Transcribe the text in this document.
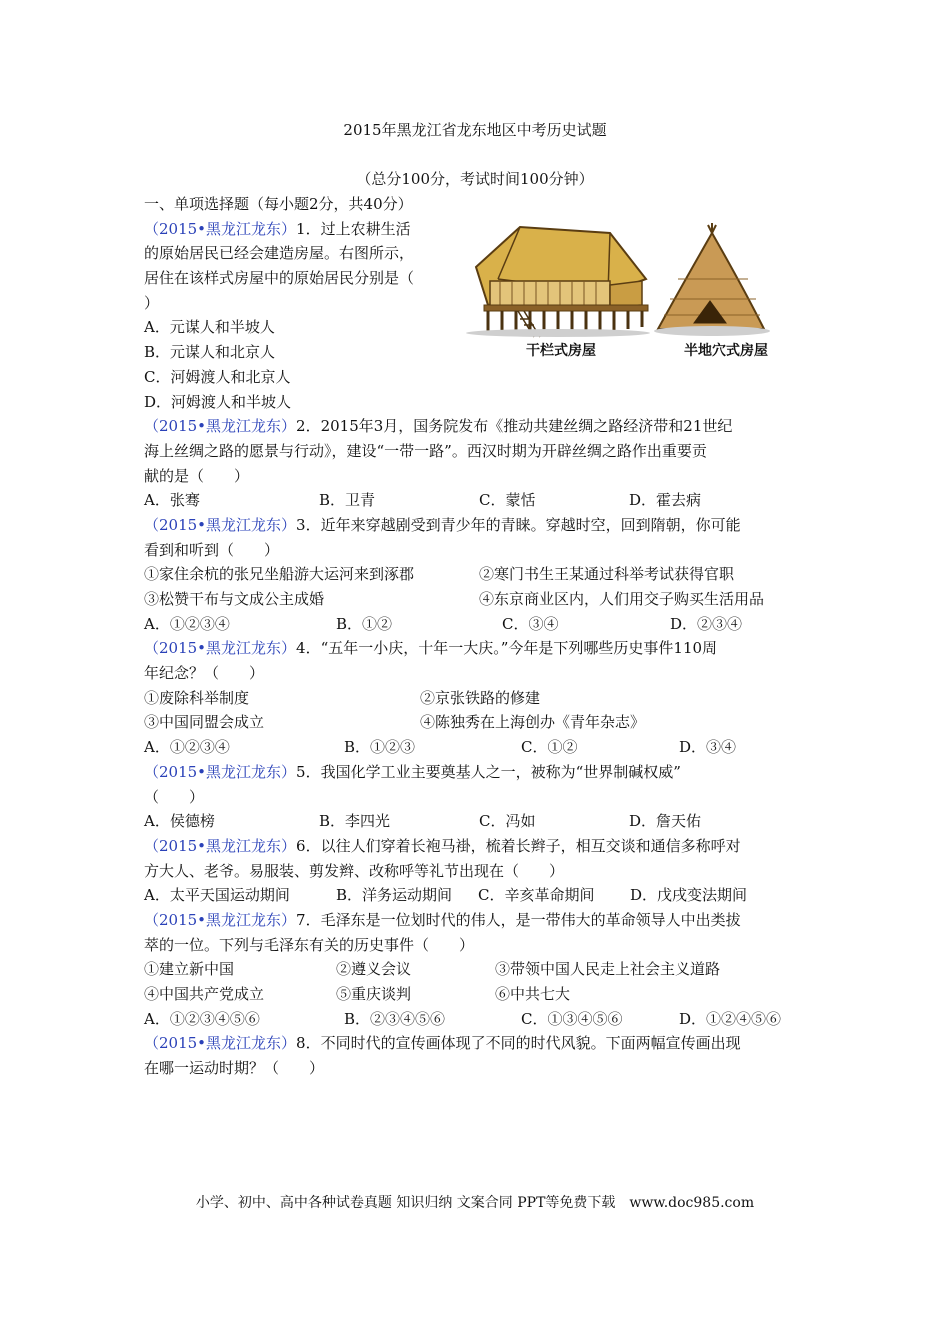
2015年黑龙江省龙东地区中考历史试题
（总分100分，考试时间100分钟）
干栏式房屋	半地穴式房屋
一、单项选择题（每小题2分，共40分）
（2015•黑龙江龙东）1．过上农耕生活
的原始居民已经会建造房屋。右图所示，
居住在该样式房屋中的原始居民分别是（
）
A．元谋人和半坡人
B．元谋人和北京人
C．河姆渡人和北京人
D．河姆渡人和半坡人
（2015•黑龙江龙东）2．2015年3月，国务院发布《推动共建丝绸之路经济带和21世纪
海上丝绸之路的愿景与行动》，建设“一带一路”。西汉时期为开辟丝绸之路作出重要贡
献的是（　　）
A．张骞	B．卫青	C．蒙恬	D．霍去病
（2015•黑龙江龙东）3．近年来穿越剧受到青少年的青睐。穿越时空，回到隋朝，你可能
看到和听到（　　）
①家住余杭的张兄坐船游大运河来到涿郡	②寒门书生王某通过科举考试获得官职
③松赞干布与文成公主成婚	④东京商业区内，人们用交子购买生活用品
A．①②③④	B．①②	C．③④	D．②③④
（2015•黑龙江龙东）4．“五年一小庆，十年一大庆。”今年是下列哪些历史事件110周
年纪念？（　　）
①废除科举制度	②京张铁路的修建
③中国同盟会成立	④陈独秀在上海创办《青年杂志》
A．①②③④	B．①②③	C．①②	D．③④
（2015•黑龙江龙东）5．我国化学工业主要奠基人之一，被称为“世界制碱权威”
（　　）
A．侯德榜	B．李四光	C．冯如	D．詹天佑
（2015•黑龙江龙东）6．以往人们穿着长袍马褂，梳着长辫子，相互交谈和通信多称呼对
方大人、老爷。易服装、剪发辫、改称呼等礼节出现在（　　）
A．太平天国运动期间	B．洋务运动期间	C．辛亥革命期间	D．戊戌变法期间
（2015•黑龙江龙东）7．毛泽东是一位划时代的伟人，是一带伟大的革命领导人中出类拔
萃的一位。下列与毛泽东有关的历史事件（　　）
①建立新中国	②遵义会议	③带领中国人民走上社会主义道路
④中国共产党成立	⑤重庆谈判	⑥中共七大
A．①②③④⑤⑥	B．②③④⑤⑥	C．①③④⑤⑥	D．①②④⑤⑥
（2015•黑龙江龙东）8．不同时代的宣传画体现了不同的时代风貌。下面两幅宣传画出现
在哪一运动时期？（　　）
小学、初中、高中各种试卷真题 知识归纳 文案合同 PPT等免费下载　www.doc985.com
